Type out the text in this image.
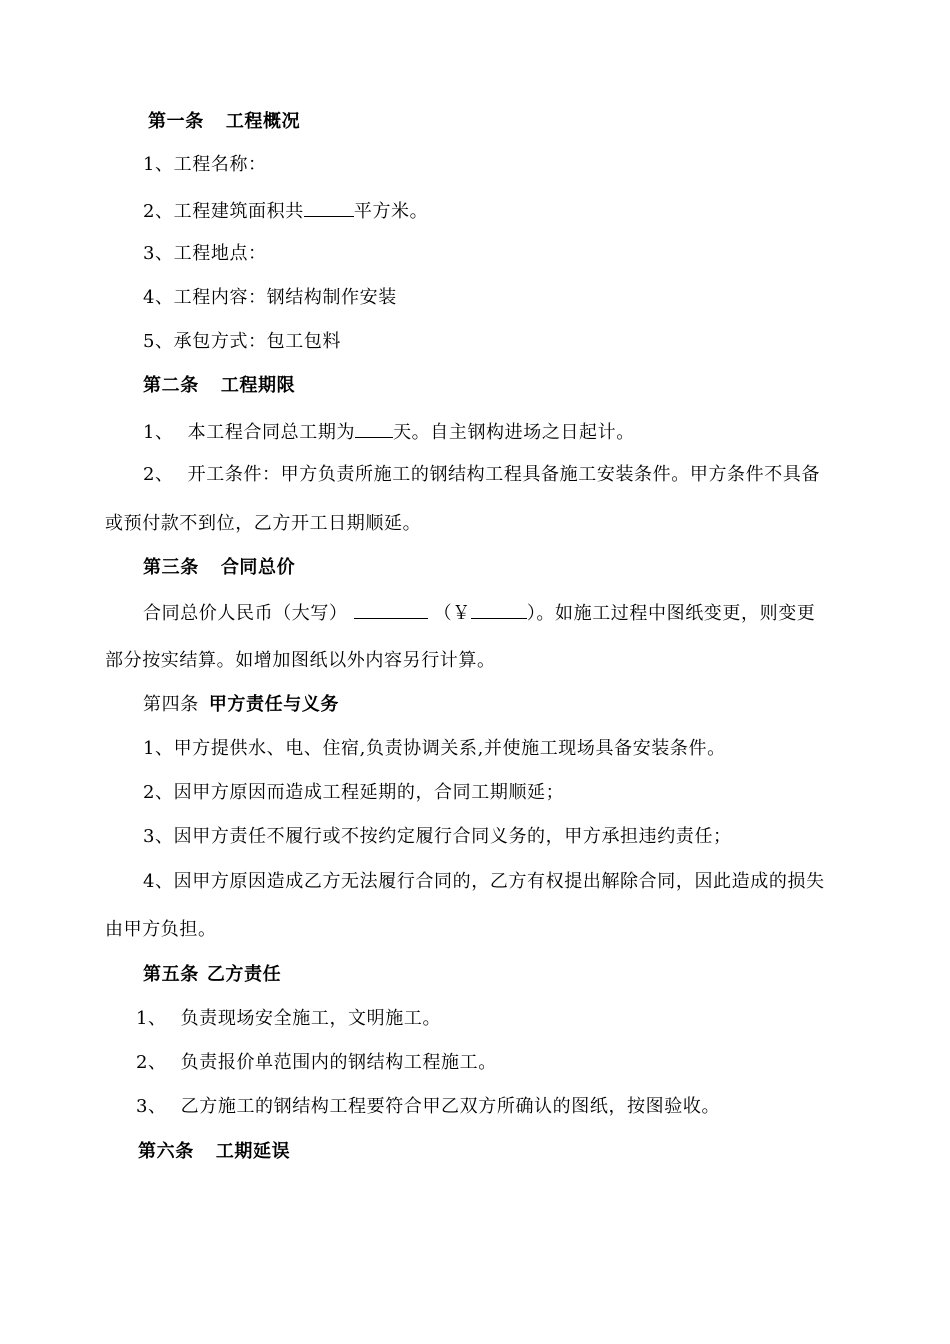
第一条 工程概况
1、工程名称：
2、工程建筑面积共	平方米。
3、工程地点：
4、工程内容：钢结构制作安装
5、承包方式：包工包料
第二条 工程期限
1、 本工程合同总工期为 天。自主钢构进场之日起计。
2、 开工条件：甲方负责所施工的钢结构工程具备施工安装条件。甲方条件不具备
或预付款不到位，乙方开工日期顺延。
第三条 合同总价
合同总价人民币（大写）	（￥	）。如施工过程中图纸变更，则变更
部分按实结算。如增加图纸以外内容另行计算。
第四条 甲方责任与义务
1、甲方提供水、电、住宿,负责协调关系,并使施工现场具备安装条件。
2、因甲方原因而造成工程延期的，合同工期顺延；
3、因甲方责任不履行或不按约定履行合同义务的，甲方承担违约责任；
4、因甲方原因造成乙方无法履行合同的，乙方有权提出解除合同，因此造成的损失
由甲方负担。
第五条 乙方责任
1、 负责现场安全施工，文明施工。
2、 负责报价单范围内的钢结构工程施工。
3、 乙方施工的钢结构工程要符合甲乙双方所确认的图纸，按图验收。
第六条 工期延误
